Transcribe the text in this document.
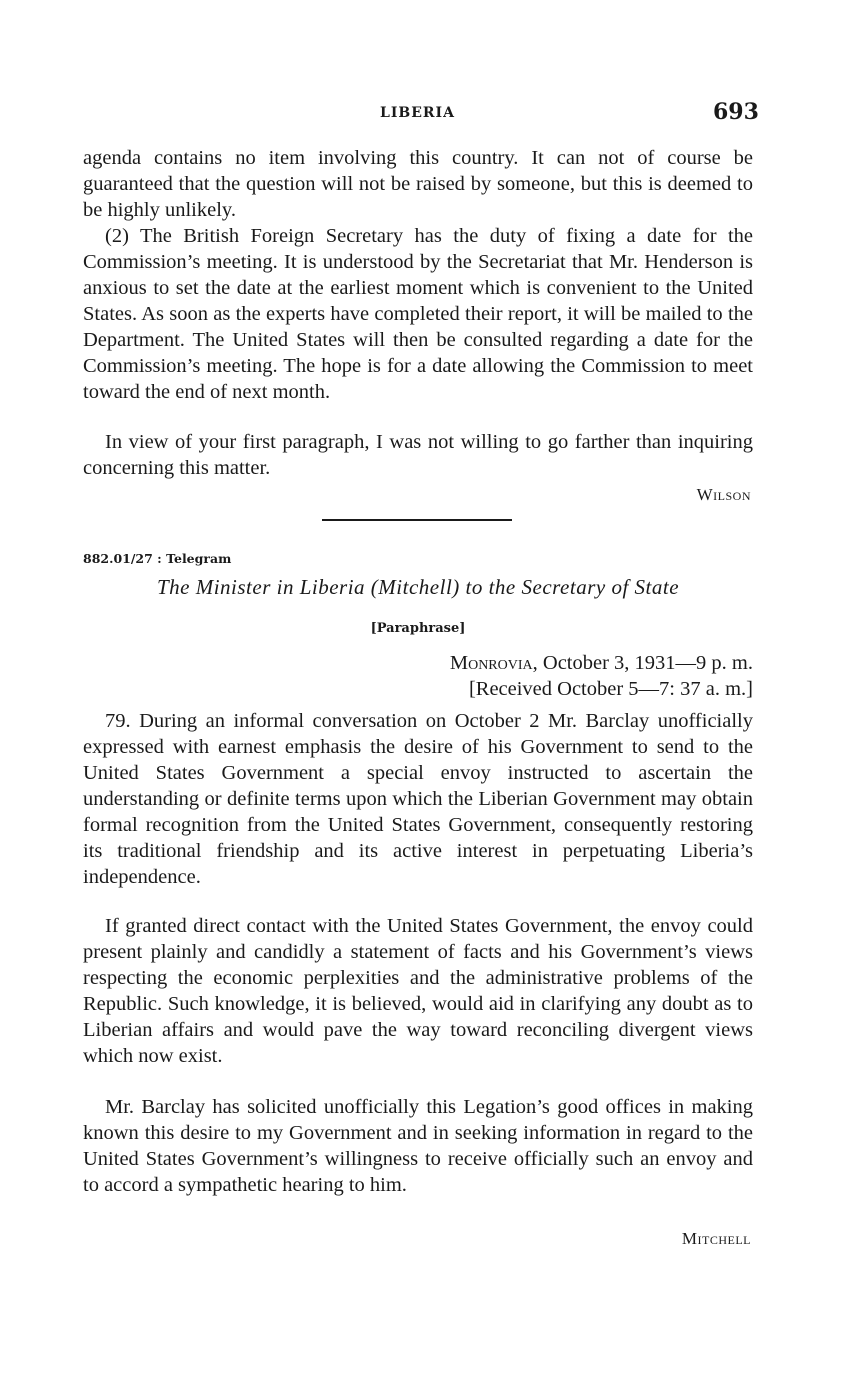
LIBERIA	693

agenda contains no item involving this country. It can not of course be guaranteed that the question will not be raised by someone, but this is deemed to be highly unlikely.

(2) The British Foreign Secretary has the duty of fixing a date for the Commission’s meeting. It is understood by the Secretariat that Mr. Henderson is anxious to set the date at the earliest moment which is convenient to the United States. As soon as the experts have completed their report, it will be mailed to the Department. The United States will then be consulted regarding a date for the Commission’s meeting. The hope is for a date allowing the Commission to meet toward the end of next month.

In view of your first paragraph, I was not willing to go farther than inquiring concerning this matter.

Wilson
882.01/27 : Telegram
The Minister in Liberia (Mitchell) to the Secretary of State
[Paraphrase]
Monrovia, October 3, 1931—9 p. m.
[Received October 5—7: 37 a. m.]

79. During an informal conversation on October 2 Mr. Barclay unofficially expressed with earnest emphasis the desire of his Government to send to the United States Government a special envoy instructed to ascertain the understanding or definite terms upon which the Liberian Government may obtain formal recognition from the United States Government, consequently restoring its traditional friendship and its active interest in perpetuating Liberia’s independence.

If granted direct contact with the United States Government, the envoy could present plainly and candidly a statement of facts and his Government’s views respecting the economic perplexities and the administrative problems of the Republic. Such knowledge, it is believed, would aid in clarifying any doubt as to Liberian affairs and would pave the way toward reconciling divergent views which now exist.

Mr. Barclay has solicited unofficially this Legation’s good offices in making known this desire to my Government and in seeking information in regard to the United States Government’s willingness to receive officially such an envoy and to accord a sympathetic hearing to him.

Mitchell
